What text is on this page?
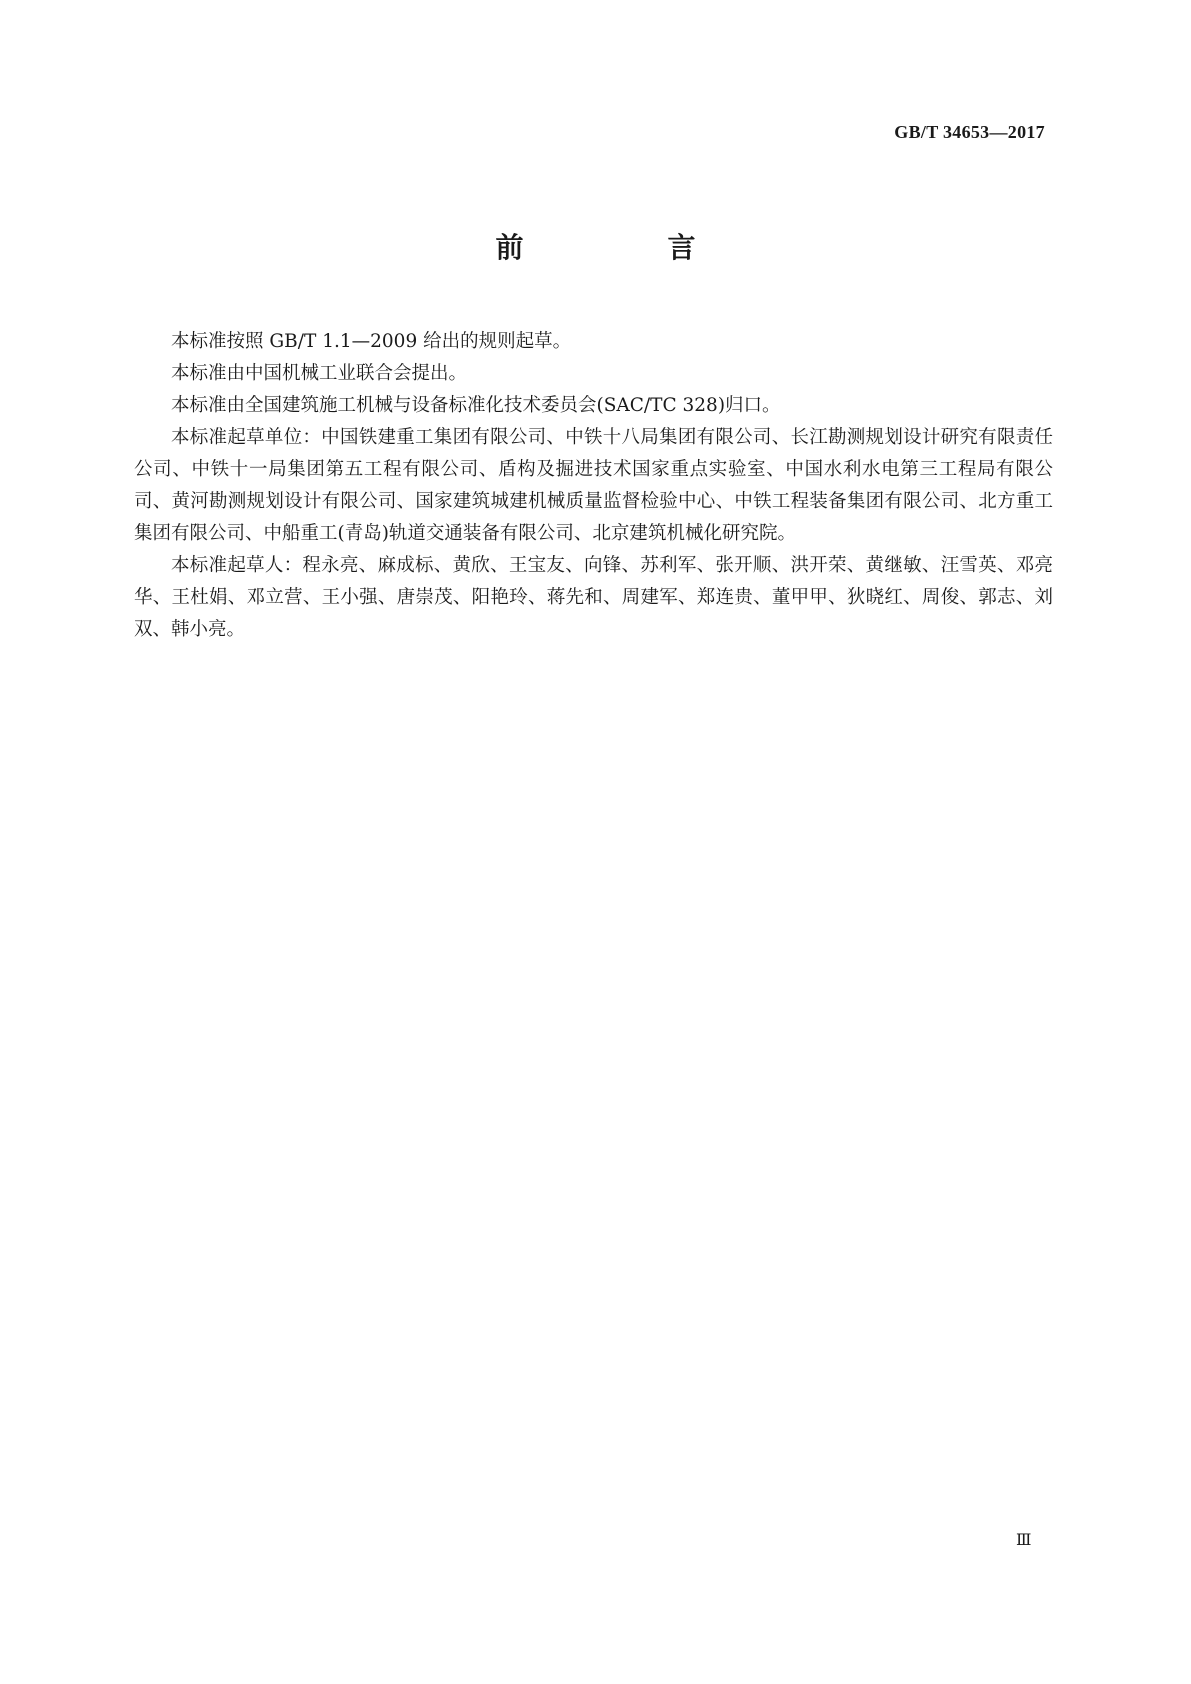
GB/T 34653—2017
前　言

本标准按照 GB/T 1.1—2009 给出的规则起草。

本标准由中国机械工业联合会提出。

本标准由全国建筑施工机械与设备标准化技术委员会(SAC/TC 328)归口。

本标准起草单位：中国铁建重工集团有限公司、中铁十八局集团有限公司、长江勘测规划设计研究有限责任公司、中铁十一局集团第五工程有限公司、盾构及掘进技术国家重点实验室、中国水利水电第三工程局有限公司、黄河勘测规划设计有限公司、国家建筑城建机械质量监督检验中心、中铁工程装备集团有限公司、北方重工集团有限公司、中船重工(青岛)轨道交通装备有限公司、北京建筑机械化研究院。

本标准起草人：程永亮、麻成标、黄欣、王宝友、向锋、苏利军、张开顺、洪开荣、黄继敏、汪雪英、邓亮华、王杜娟、邓立营、王小强、唐崇茂、阳艳玲、蒋先和、周建军、郑连贵、董甲甲、狄晓红、周俊、郭志、刘双、韩小亮。

Ⅲ
